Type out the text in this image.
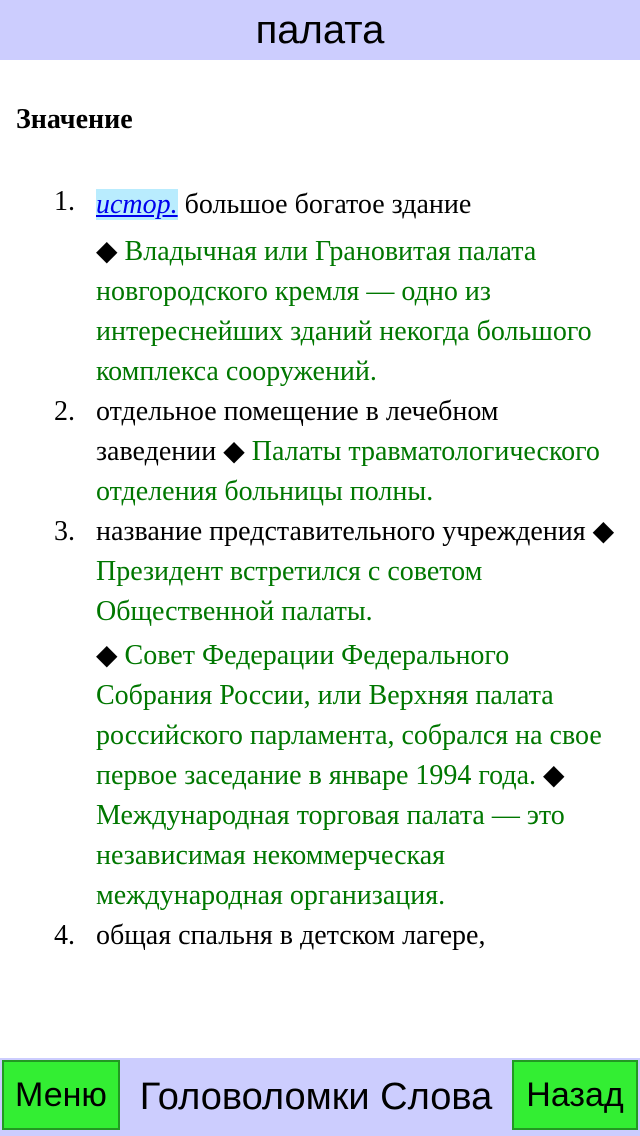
палата
Значение
1. истор. большое богатое здание
◆ Владычная или Грановитая палата новгородского кремля — одно из интереснейших зданий некогда большого комплекса сооружений.
2. отдельное помещение в лечебном заведении ◆ Палаты травматологического отделения больницы полны.
3. название представительного учреждения ◆ Президент встретился с советом Общественной палаты.
◆ Совет Федерации Федерального Собрания России, или Верхняя палата российского парламента, собрался на свое первое заседание в январе 1994 года. ◆ Международная торговая палата — это независимая некоммерческая международная организация.
4. общая спальня в детском лагере,
Меню Головоломки Слова	Назад
